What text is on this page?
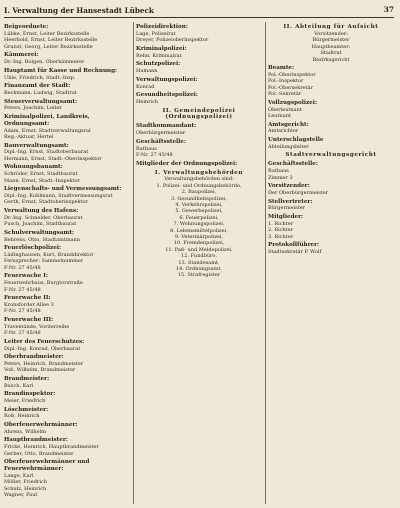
I. Verwaltung der Hansestadt Lübeck	37
Beigeordnete:
Lübke, Ernst, Leiter Bezirksstelle
Heerhold, Ernst, Leiter Bezirksstelle
Grunst, Georg, Leiter Bezirksstelle
Kämmerei:
Dr.-Ing. Bolgen, Oberkämmerer
Hauptamt für Kasse und Rechnung:
Uhle, Friedrich, Stadt.-Insp.
Finanzamt der Stadt:
Beckmann, Ludwig, Stadtrat
Steuerverwaltungsamt:
Peters, Joachim, Leiter
Kriminalpolizei, Landkreis, Ordnungsamt:
Adam, Ernst, Stadtverwaltungsrat
Reg.-Aktuar, Hertel
Bauverwaltungsamt:
Dipl.-Ing. Ernst, Stadtoberbaurat
Hermann, Ernst, Stadt.-Oberinspektor
Wohnungsbauamt:
Schröder, Ernst, Stadtbaurat
Mann, Ernst, Stadt.-Inspektor
Liegenschafts- und Vermessungsamt:
Dipl.-Ing. Kuhlmann, Stadtvermessungsrat
Gerth, Ernst, Stadtoberinspektor
Verwaltung des Hafens:
Dr.-Ing. Schneider, Oberbaurat
Pusch, Joachim, Stadtbaurat
Schulverwaltungsamt:
Behrens, Otto, Stadtamtmann
Feuerlöschpolizei:
Lüdinghausen, Kurt, Branddirektor
Fernsprecher: Sammelnummer
F-Nr. 27 45/48
Feuerwache I:
Feuerwehrhaus, Burgtorstraße
F-Nr. 27 45/48
Feuerwache II:
Kronsforder Allee 3
F-Nr. 27 45/48
Feuerwache III:
Travemünde, Vorderreihe
F-Nr. 27 45/48
Leiter des Feuerschutzes:
Dipl.-Ing. Konrad, Oberbaurat
Oberbrandmeister:
Peters, Heinrich, Brandmeister
Voß, Wilhelm, Brandmeister
Brandmeister:
Busch, Karl
Brandinspektor:
Meier, Friedrich
Löschmeister:
Roß, Heinrich
Oberfeuerwehrmänner:
Ahrens, Wilhelm
Hauptbrandmeister:
Fricke, Heinrich, Hauptbrandmeister
Gerber, Otto, Brandmeister
Oberfeuerwehrmänner und Feuerwehrmänner:
Lange, Karl
Möller, Friedrich
Schulz, Heinrich
Wagner, Paul
Polizeidirektion:
Lage, Polizeirat
Dreyer, Polizeioberinspektor
Kriminalpolizei:
Rehn, Kriminalrat
Schutzpolizei:
Hamann
Verwaltungspolizei:
Konrad
Gesundheitspolizei:
Heinrich
II. Gemeindepolizei (Ordnungspolizei)
Stadtkommandant:
Oberbürgermeister
Geschäftsstelle:
Rathaus
F-Nr. 27 45/48
Mitglieder der Ordnungspolizei:
I. Verwaltungsbehörden
Verwaltungsbehörden sind:
1. Polizei- und Ordnungsbehörde,
2. Baupolizei,
3. Gesundheitspolizei,
4. Verkehrspolizei,
5. Gewerbepolizei,
6. Feuerpolizei,
7. Wohnungspolizei,
8. Lebensmittelpolizei,
9. Veterinärpolizei,
10. Fremdenpolizei,
11. Paß- und Meldepolizei,
12. Fundbüro,
13. Standesamt,
14. Ordnungsamt,
15. Strafregister
II. Abteilung für Aufsicht
Vorsitzender:
Bürgermeister
Hauptbeamter:
Stadtrat
Bezirksgericht
Beamte:
Pol.-Oberinspektor
Pol.-Inspektor
Pol.-Obersekretär
Pol.-Sekretär
Vollzugspolizei:
Oberleutnant
Leutnant
Amtsgericht:
Amtsrichter
Unterschlagstelle
Abteilungsleiter
Stadtverwaltungsgericht
Geschäftsstelle:
Rathaus
Zimmer 3
Vorsitzender:
Der Oberbürgermeister
Stellvertreter:
Bürgermeister
Mitglieder:
1. Richter
2. Richter
3. Richter
Protokollführer:
Stadtsekretär P. Wolf
